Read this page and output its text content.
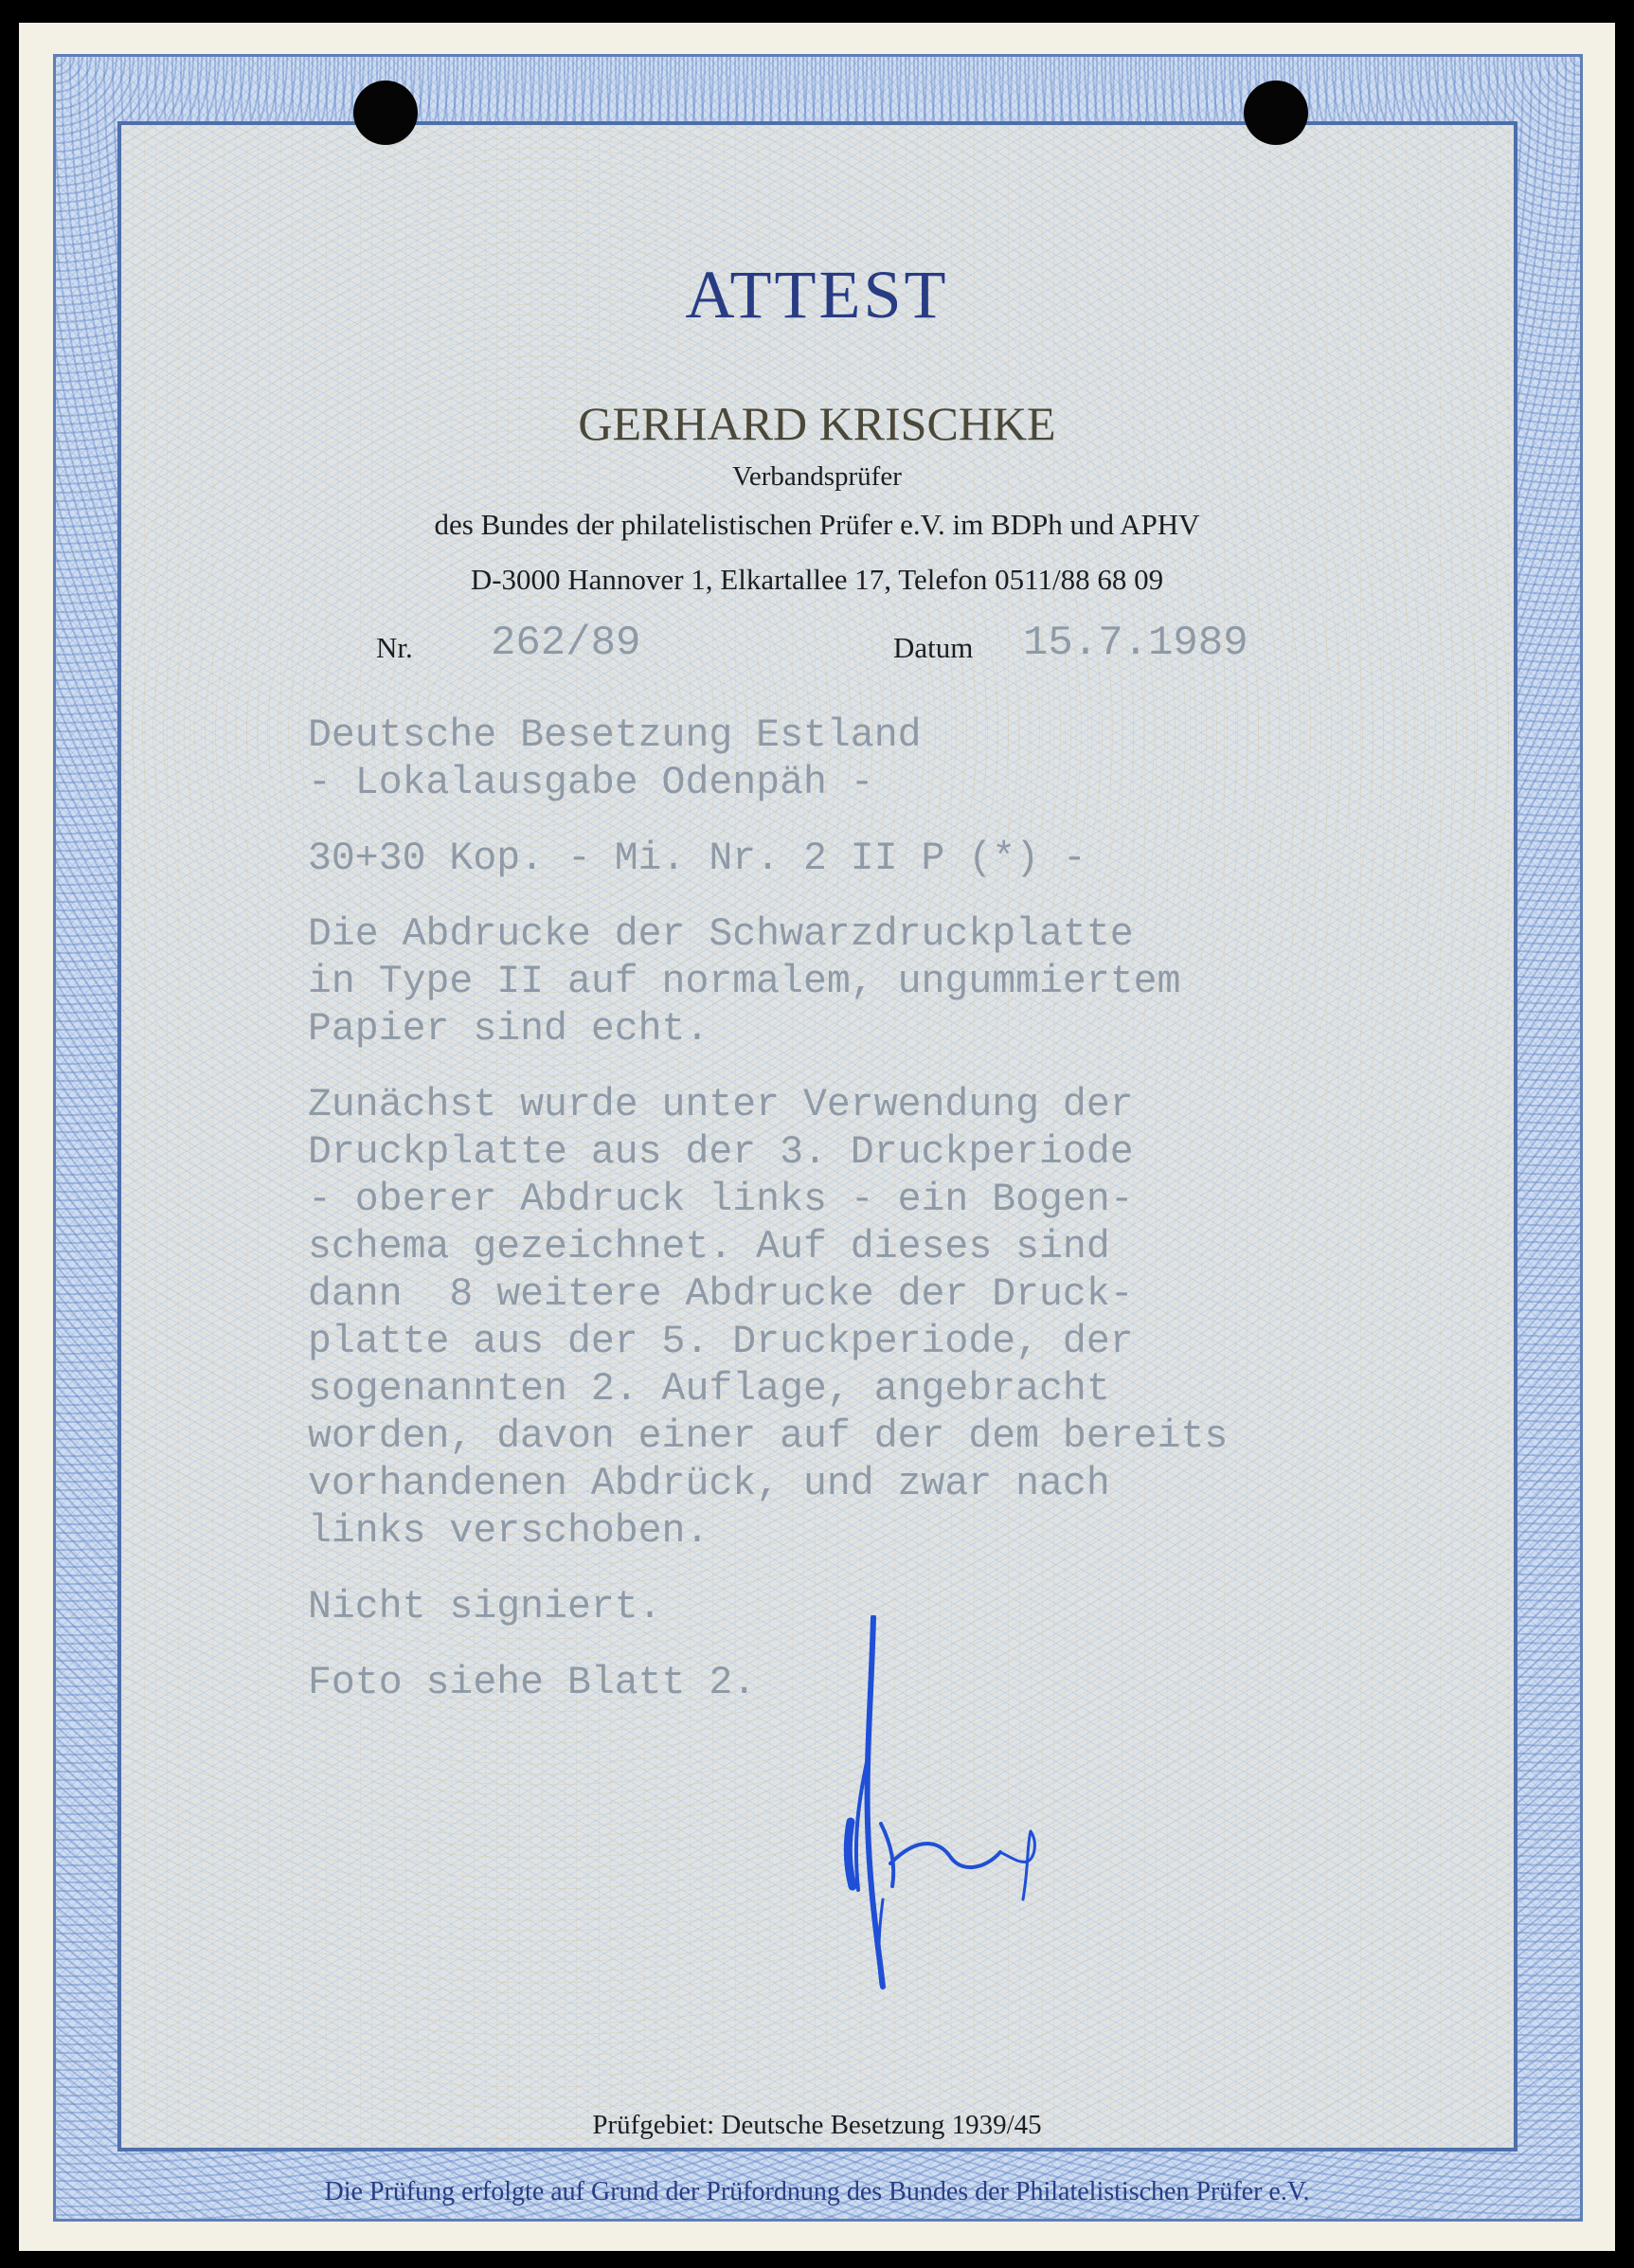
ATTEST
GERHARD KRISCHKE
Verbandsprüfer
des Bundes der philatelistischen Prüfer e.V. im BDPh und APHV
D-3000 Hannover 1, Elkartallee 17, Telefon 0511/88 68 09
Nr. 262/89	Datum 15.7.1989
Deutsche Besetzung Estland
- Lokalausgabe Odenpäh -
30+30 Kop. - Mi. Nr. 2 II P (*) -
Die Abdrucke der Schwarzdruckplatte
in Type II auf normalem, ungummiertem
Papier sind echt.
Zunächst wurde unter Verwendung der
Druckplatte aus der 3. Druckperiode
- oberer Abdruck links - ein Bogen-
schema gezeichnet. Auf dieses sind
dann  8 weitere Abdrucke der Druck-
platte aus der 5. Druckperiode, der
sogenannten 2. Auflage, angebracht
worden, davon einer auf der dem bereits
vorhandenen Abdrück, und zwar nach
links verschoben.
Nicht signiert.
Foto siehe Blatt 2.
Prüfgebiet: Deutsche Besetzung 1939/45
Die Prüfung erfolgte auf Grund der Prüfordnung des Bundes der Philatelistischen Prüfer e.V.
